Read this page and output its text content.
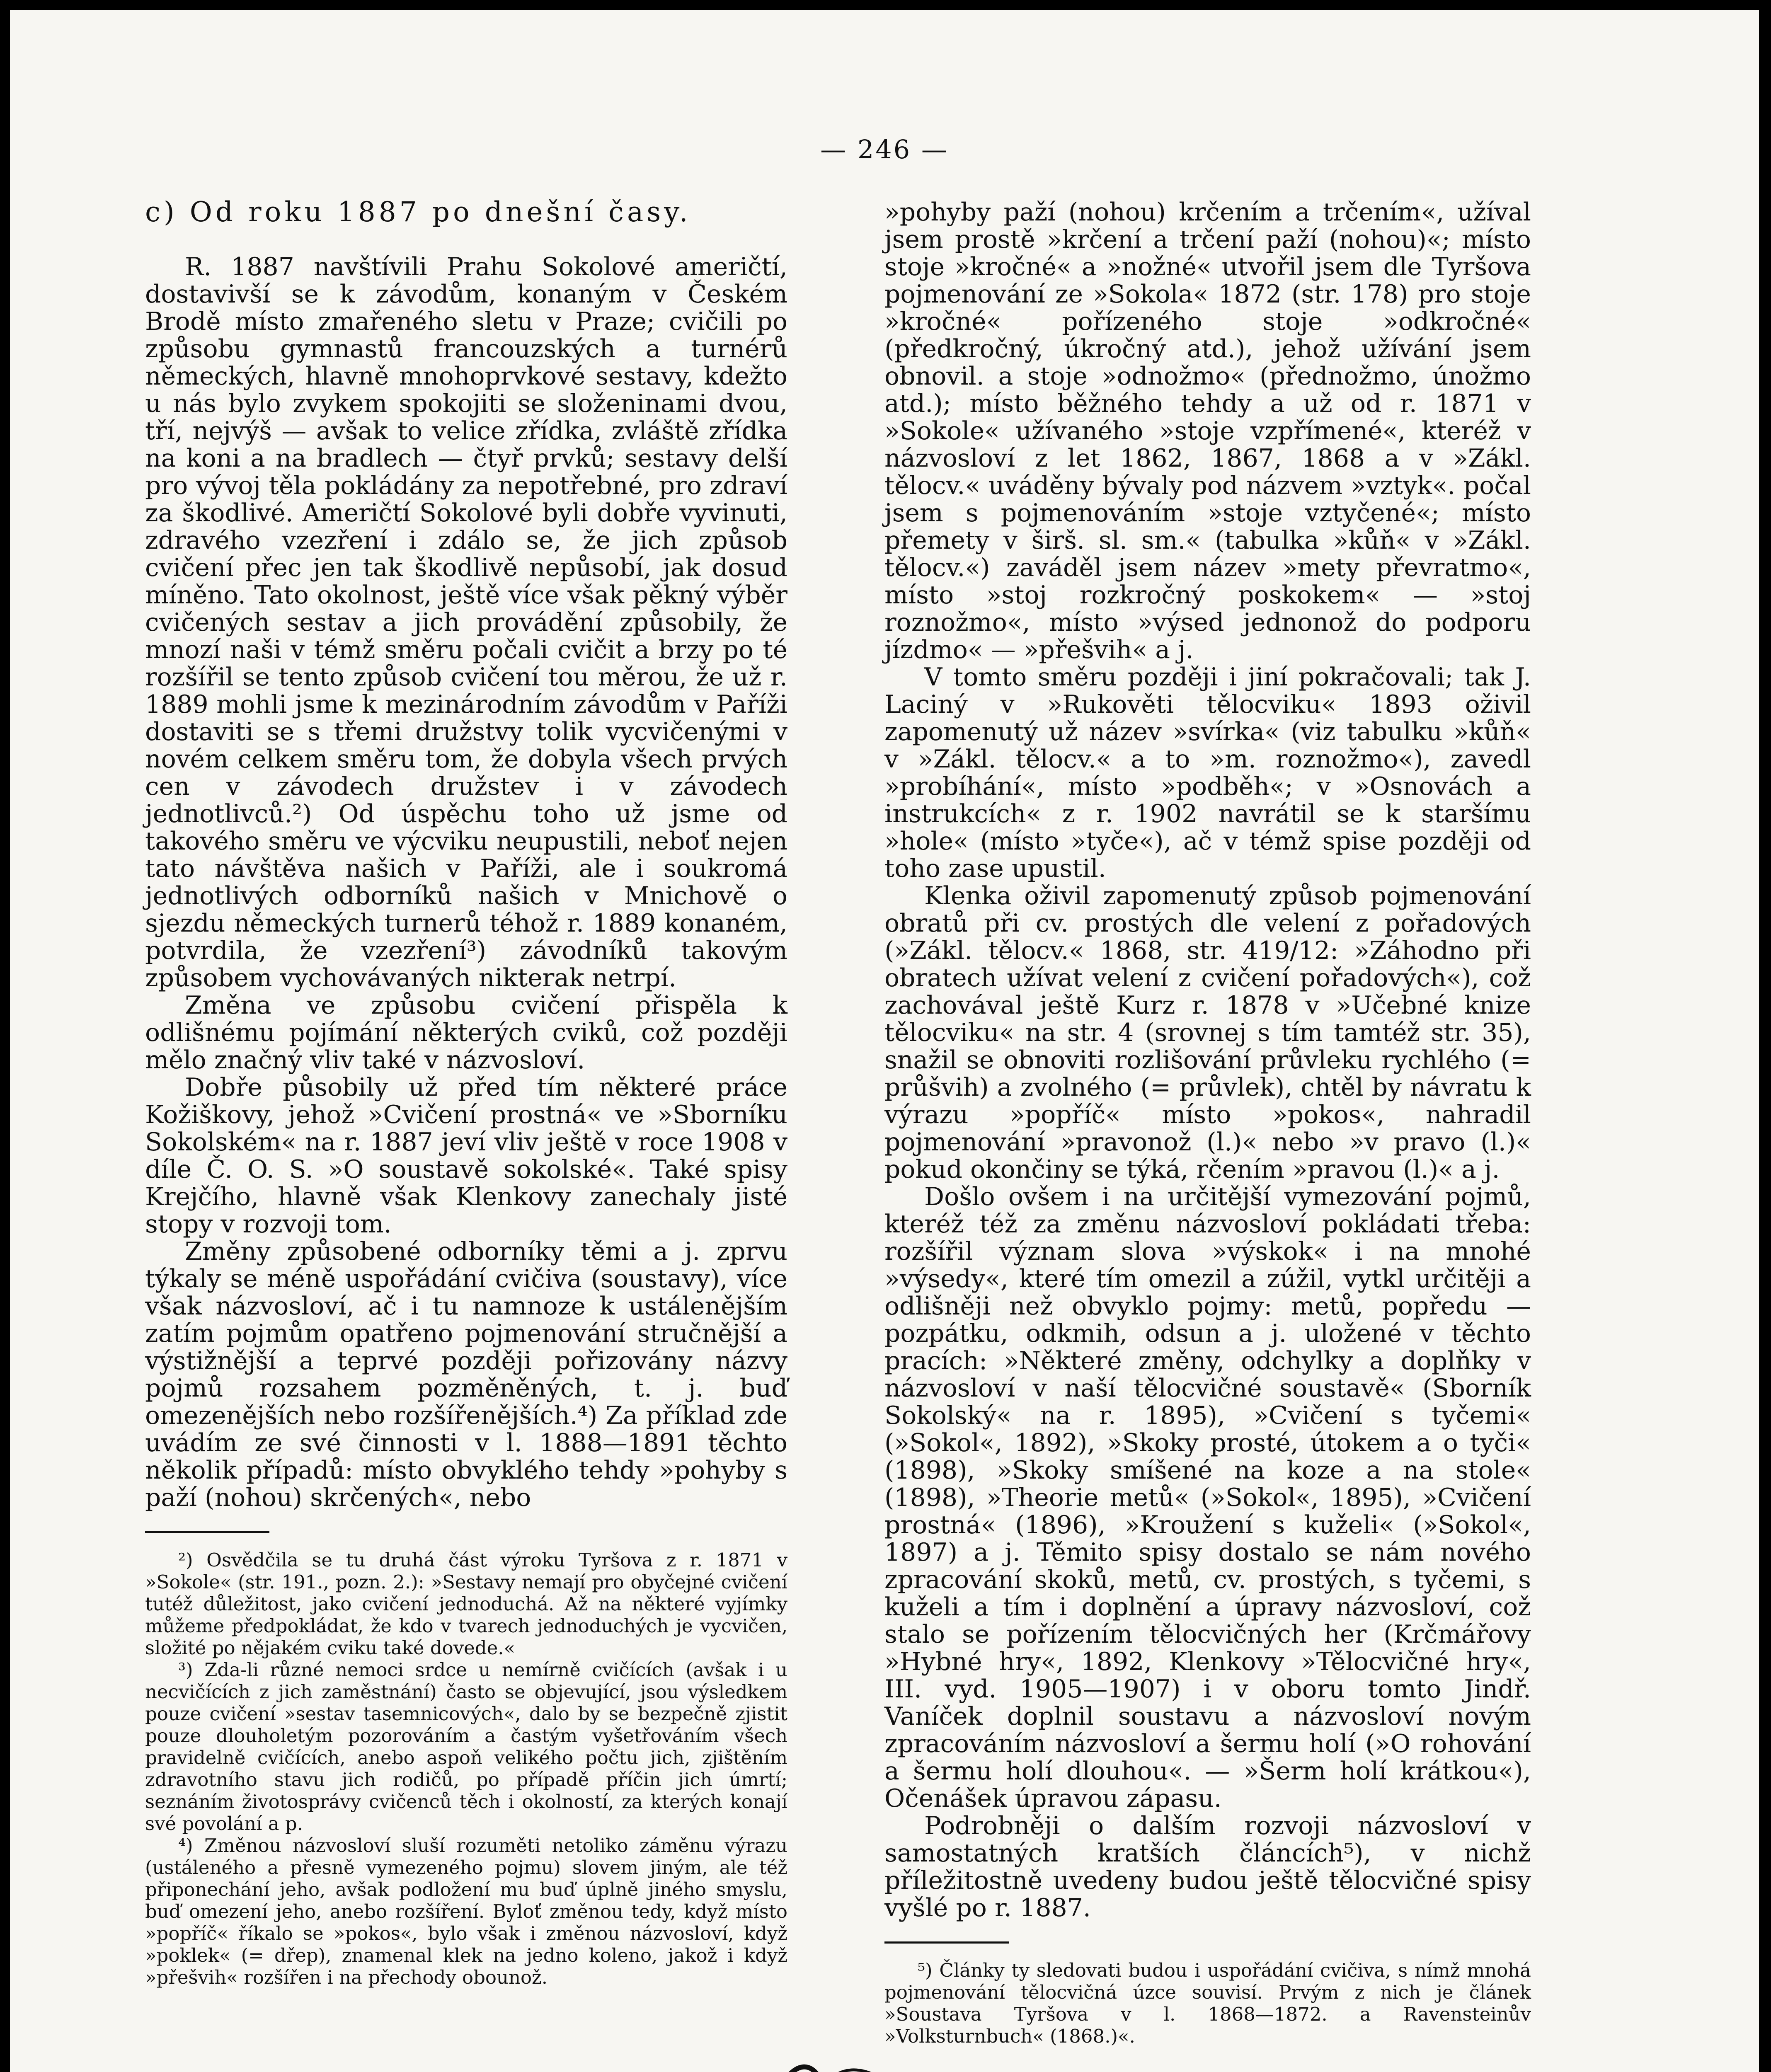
— 246 —

c) Od roku 1887 po dnešní časy.

R. 1887 navštívili Prahu Sokolové američtí, dostavivší se k závodům, konaným v Českém Brodě místo zmařeného sletu v Praze; cvičili po způsobu gymnastů francouzských a turnérů německých, hlavně mnohoprvkové sestavy, kdežto u nás bylo zvykem spokojiti se složeninami dvou, tří, nejvýš — avšak to velice zřídka, zvláště zřídka na koni a na bradlech — čtyř prvků; sestavy delší pro vývoj těla pokládány za nepotřebné, pro zdraví za škodlivé. Američtí Sokolové byli dobře vyvinuti, zdravého vzezření i zdálo se, že jich způsob cvičení přec jen tak škodlivě nepůsobí, jak dosud míněno. Tato okolnost, ještě více však pěkný výběr cvičených sestav a jich provádění způsobily, že mnozí naši v témž směru počali cvičit a brzy po té rozšířil se tento způsob cvičení tou měrou, že už r. 1889 mohli jsme k mezinárodním závodům v Paříži dostaviti se s třemi družstvy tolik vycvičenými v novém celkem směru tom, že dobyla všech prvých cen v závodech družstev i v závodech jednotlivců.²) Od úspěchu toho už jsme od takového směru ve výcviku neupustili, neboť nejen tato návštěva našich v Paříži, ale i soukromá jednotlivých odborníků našich v Mnichově o sjezdu německých turnerů téhož r. 1889 konaném, potvrdila, že vzezření³) závodníků takovým způsobem vychovávaných nikterak netrpí.

Změna ve způsobu cvičení přispěla k odlišnému pojímání některých cviků, což později mělo značný vliv také v názvosloví.

Dobře působily už před tím některé práce Kožiškovy, jehož »Cvičení prostná« ve »Sborníku Sokolském« na r. 1887 jeví vliv ještě v roce 1908 v díle Č. O. S. »O soustavě sokolské«. Také spisy Krejčího, hlavně však Klenkovy zanechaly jisté stopy v rozvoji tom.

Změny způsobené odborníky těmi a j. zprvu týkaly se méně uspořádání cvičiva (soustavy), více však názvosloví, ač i tu namnoze k ustálenějším zatím pojmům opatřeno pojmenování stručnější a výstižnější a teprvé později pořizovány názvy pojmů rozsahem pozměněných, t. j. buď omezenějších nebo rozšířenějších.⁴) Za příklad zde uvádím ze své činnosti v l. 1888—1891 těchto několik případů: místo obvyklého tehdy »pohyby s paží (nohou) skrčených«, nebo

²) Osvědčila se tu druhá část výroku Tyršova z r. 1871 v »Sokole« (str. 191., pozn. 2.): »Sestavy nemají pro obyčejné cvičení tutéž důležitost, jako cvičení jednoduchá. Až na některé vyjímky můžeme předpokládat, že kdo v tvarech jednoduchých je vycvičen, složité po nějakém cviku také dovede.«

³) Zda-li různé nemoci srdce u nemírně cvičících (avšak i u necvičících z jich zaměstnání) často se objevující, jsou výsledkem pouze cvičení »sestav tasemnicových«, dalo by se bezpečně zjistit pouze dlouholetým pozorováním a častým vyšetřováním všech pravidelně cvičících, anebo aspoň velikého počtu jich, zjištěním zdravotního stavu jich rodičů, po případě příčin jich úmrtí; seznáním životosprávy cvičenců těch i okolností, za kterých konají své povolání a p.

⁴) Změnou názvosloví sluší rozuměti netoliko záměnu výrazu (ustáleného a přesně vymezeného pojmu) slovem jiným, ale též připonechání jeho, avšak podložení mu buď úplně jiného smyslu, buď omezení jeho, anebo rozšíření. Byloť změnou tedy, když místo »popříč« říkalo se »pokos«, bylo však i změnou názvosloví, když »poklek« (= dřep), znamenal klek na jedno koleno, jakož i když »přešvih« rozšířen i na přechody obounož.

»pohyby paží (nohou) krčením a trčením«, užíval jsem prostě »krčení a trčení paží (nohou)«; místo stoje »kročné« a »nožné« utvořil jsem dle Tyršova pojmenování ze »Sokola« 1872 (str. 178) pro stoje »kročné« pořízeného stoje »odkročné« (předkročný, úkročný atd.), jehož užívání jsem obnovil. a stoje »odnožmo« (přednožmo, únožmo atd.); místo běžného tehdy a už od r. 1871 v »Sokole« užívaného »stoje vzpřímené«, kteréž v názvosloví z let 1862, 1867, 1868 a v »Zákl. tělocv.« uváděny bývaly pod názvem »vztyk«. počal jsem s pojmenováním »stoje vztyčené«; místo přemety v širš. sl. sm.« (tabulka »kůň« v »Zákl. tělocv.«) zaváděl jsem název »mety převratmo«, místo »stoj rozkročný poskokem« — »stoj roznožmo«, místo »výsed jednonož do podporu jízdmo« — »přešvih« a j.

V tomto směru později i jiní pokračovali; tak J. Laciný v »Rukověti tělocviku« 1893 oživil zapomenutý už název »svírka« (viz tabulku »kůň« v »Zákl. tělocv.« a to »m. roznožmo«), zavedl »probíhání«, místo »podběh«; v »Osnovách a instrukcích« z r. 1902 navrátil se k staršímu »hole« (místo »tyče«), ač v témž spise později od toho zase upustil.

Klenka oživil zapomenutý způsob pojmenování obratů při cv. prostých dle velení z pořadových (»Zákl. tělocv.« 1868, str. 419/12: »Záhodno při obratech užívat velení z cvičení pořadových«), což zachovával ještě Kurz r. 1878 v »Učebné knize tělocviku« na str. 4 (srovnej s tím tamtéž str. 35), snažil se obnoviti rozlišování průvleku rychlého (= průšvih) a zvolného (= průvlek), chtěl by návratu k výrazu »popříč« místo »pokos«, nahradil pojmenování »pravonož (l.)« nebo »v pravo (l.)« pokud okončiny se týká, rčením »pravou (l.)« a j.

Došlo ovšem i na určitější vymezování pojmů, kteréž též za změnu názvosloví pokládati třeba: rozšířil význam slova »výskok« i na mnohé »výsedy«, které tím omezil a zúžil, vytkl určitěji a odlišněji než obvyklo pojmy: metů, popředu — pozpátku, odkmih, odsun a j. uložené v těchto pracích: »Některé změny, odchylky a doplňky v názvosloví v naší tělocvičné soustavě« (Sborník Sokolský« na r. 1895), »Cvičení s tyčemi« (»Sokol«, 1892), »Skoky prosté, útokem a o tyči« (1898), »Skoky smíšené na koze a na stole« (1898), »Theorie metů« (»Sokol«, 1895), »Cvičení prostná« (1896), »Kroužení s kuželi« (»Sokol«, 1897) a j. Těmito spisy dostalo se nám nového zpracování skoků, metů, cv. prostých, s tyčemi, s kuželi a tím i doplnění a úpravy názvosloví, což stalo se pořízením tělocvičných her (Krčmářovy »Hybné hry«, 1892, Klenkovy »Tělocvičné hry«, III. vyd. 1905—1907) i v oboru tomto Jindř. Vaníček doplnil soustavu a názvosloví novým zpracováním názvosloví a šermu holí (»O rohování a šermu holí dlouhou«. — »Šerm holí krátkou«), Očenášek úpravou zápasu.

Podrobněji o dalším rozvoji názvosloví v samostatných kratších článcích⁵), v nichž příležitostně uvedeny budou ještě tělocvičné spisy vyšlé po r. 1887.

⁵) Články ty sledovati budou i uspořádání cvičiva, s nímž mnohá pojmenování tělocvičná úzce souvisí. Prvým z nich je článek »Soustava Tyršova v l. 1868—1872. a Ravensteinův »Volksturnbuch« (1868.)«.
